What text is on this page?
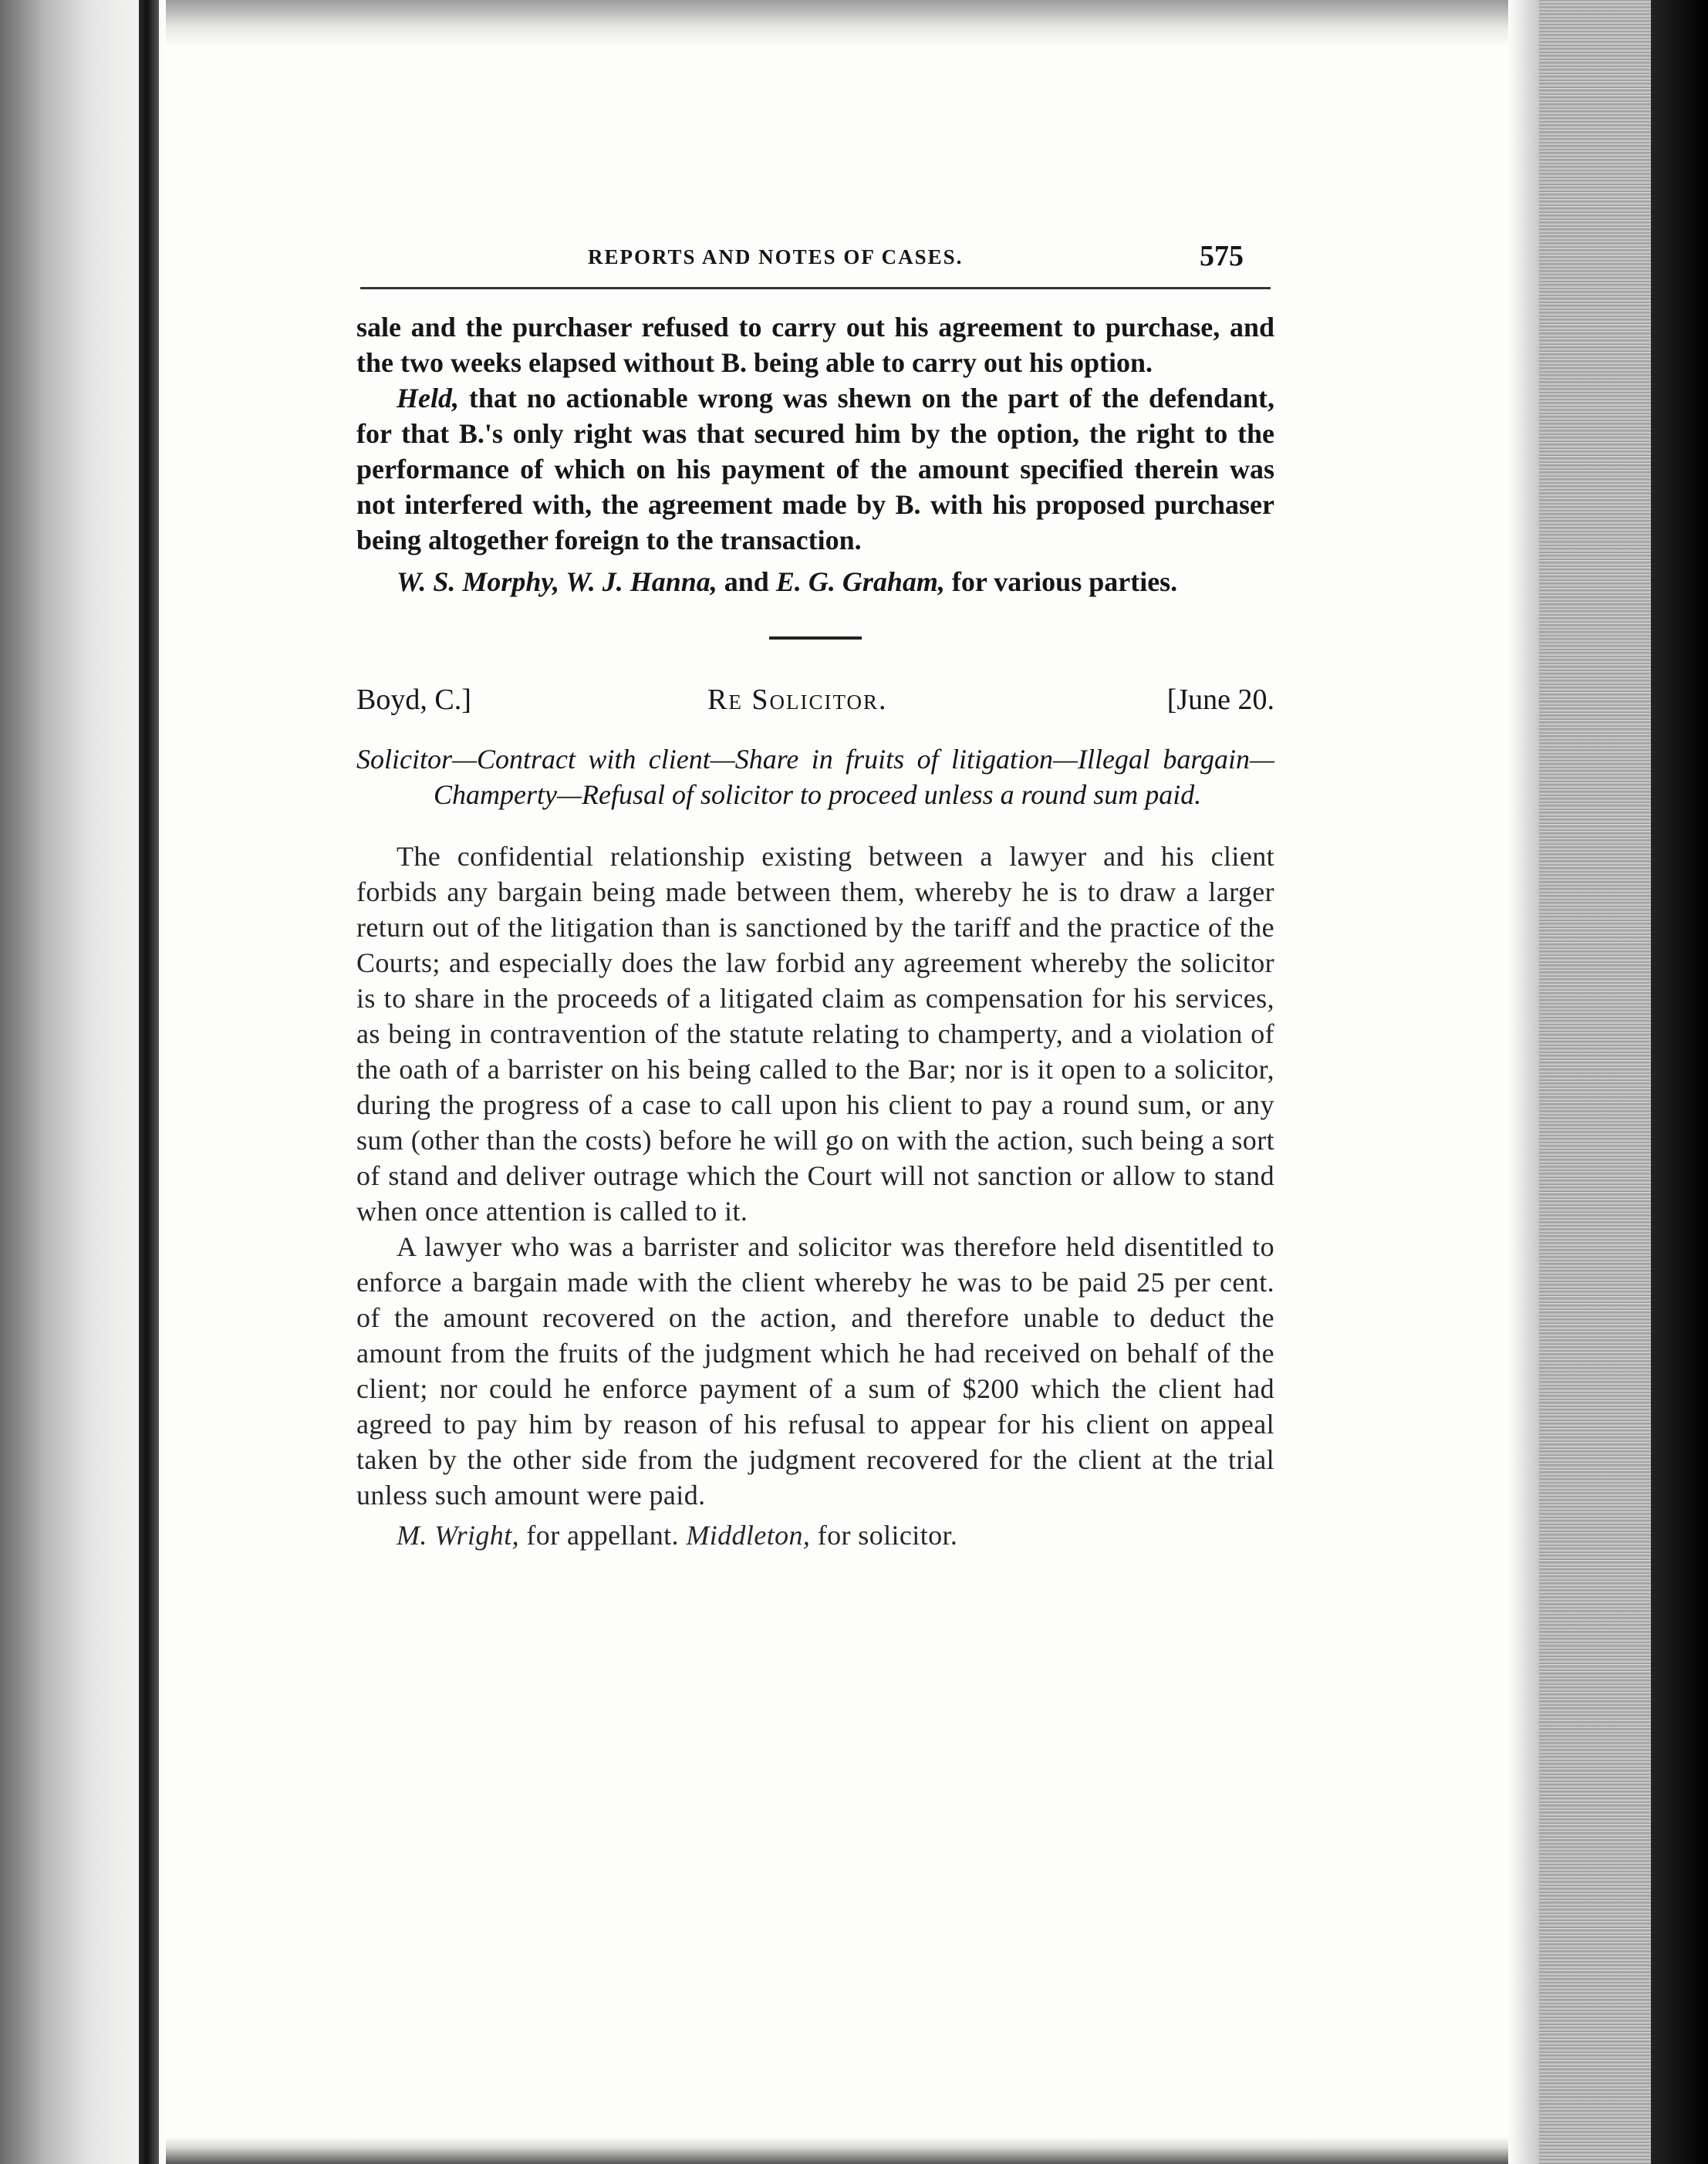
REPORTS AND NOTES OF CASES.	575

sale and the purchaser refused to carry out his agreement to purchase, and the two weeks elapsed without B. being able to carry out his option.

Held, that no actionable wrong was shewn on the part of the defendant, for that B.'s only right was that secured him by the option, the right to the performance of which on his payment of the amount specified therein was not interfered with, the agreement made by B. with his proposed purchaser being altogether foreign to the transaction.

W. S. Morphy, W. J. Hanna, and E. G. Graham, for various parties.

Boyd, C.]	Re Solicitor.	[June 20.
Solicitor—Contract with client—Share in fruits of litigation—Illegal bargain—Champerty—Refusal of solicitor to proceed unless a round sum paid.

The confidential relationship existing between a lawyer and his client forbids any bargain being made between them, whereby he is to draw a larger return out of the litigation than is sanctioned by the tariff and the practice of the Courts; and especially does the law forbid any agreement whereby the solicitor is to share in the proceeds of a litigated claim as compensation for his services, as being in contravention of the statute relating to champerty, and a violation of the oath of a barrister on his being called to the Bar; nor is it open to a solicitor, during the progress of a case to call upon his client to pay a round sum, or any sum (other than the costs) before he will go on with the action, such being a sort of stand and deliver outrage which the Court will not sanction or allow to stand when once attention is called to it.

A lawyer who was a barrister and solicitor was therefore held disentitled to enforce a bargain made with the client whereby he was to be paid 25 per cent. of the amount recovered on the action, and therefore unable to deduct the amount from the fruits of the judgment which he had received on behalf of the client; nor could he enforce payment of a sum of $200 which the client had agreed to pay him by reason of his refusal to appear for his client on appeal taken by the other side from the judgment recovered for the client at the trial unless such amount were paid.

M. Wright, for appellant. Middleton, for solicitor.
